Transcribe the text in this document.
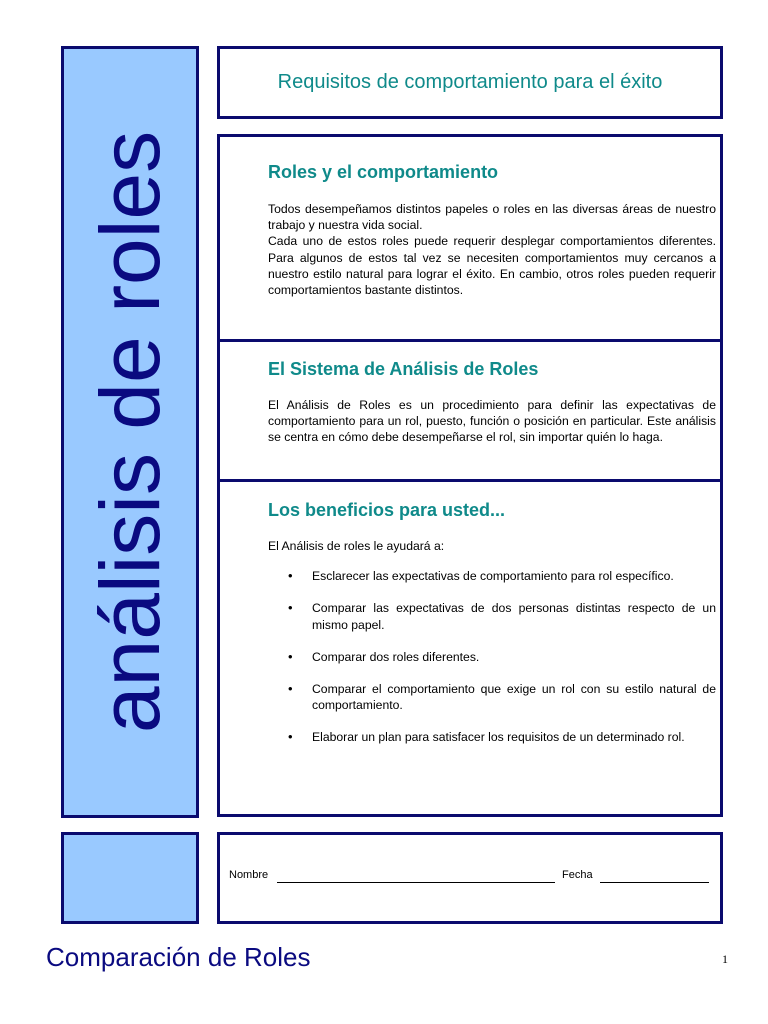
análisis de roles
Requisitos de comportamiento para el éxito
Roles y el comportamiento

Todos desempeñamos distintos papeles o roles en las diversas áreas de nuestro trabajo y nuestra vida social.
Cada uno de estos roles puede requerir desplegar comportamientos diferentes. Para algunos de estos tal vez se necesiten comportamientos muy cercanos a nuestro estilo natural para lograr el éxito. En cambio, otros roles pueden requerir comportamientos bastante distintos.

El Sistema de Análisis de Roles

El Análisis de Roles es un procedimiento para definir las expectativas de comportamiento para un rol, puesto, función o posición en particular. Este análisis se centra en cómo debe desempeñarse el rol, sin importar quién lo haga.

Los beneficios para usted...

El Análisis de roles le ayudará a:

• Esclarecer las expectativas de comportamiento para rol específico.
• Comparar las expectativas de dos personas distintas respecto de un mismo papel.
• Comparar dos roles diferentes.
• Comparar el comportamiento que exige un rol con su estilo natural de comportamiento.
• Elaborar un plan para satisfacer los requisitos de un determinado rol.
Nombre	Fecha
Comparación de Roles	1
